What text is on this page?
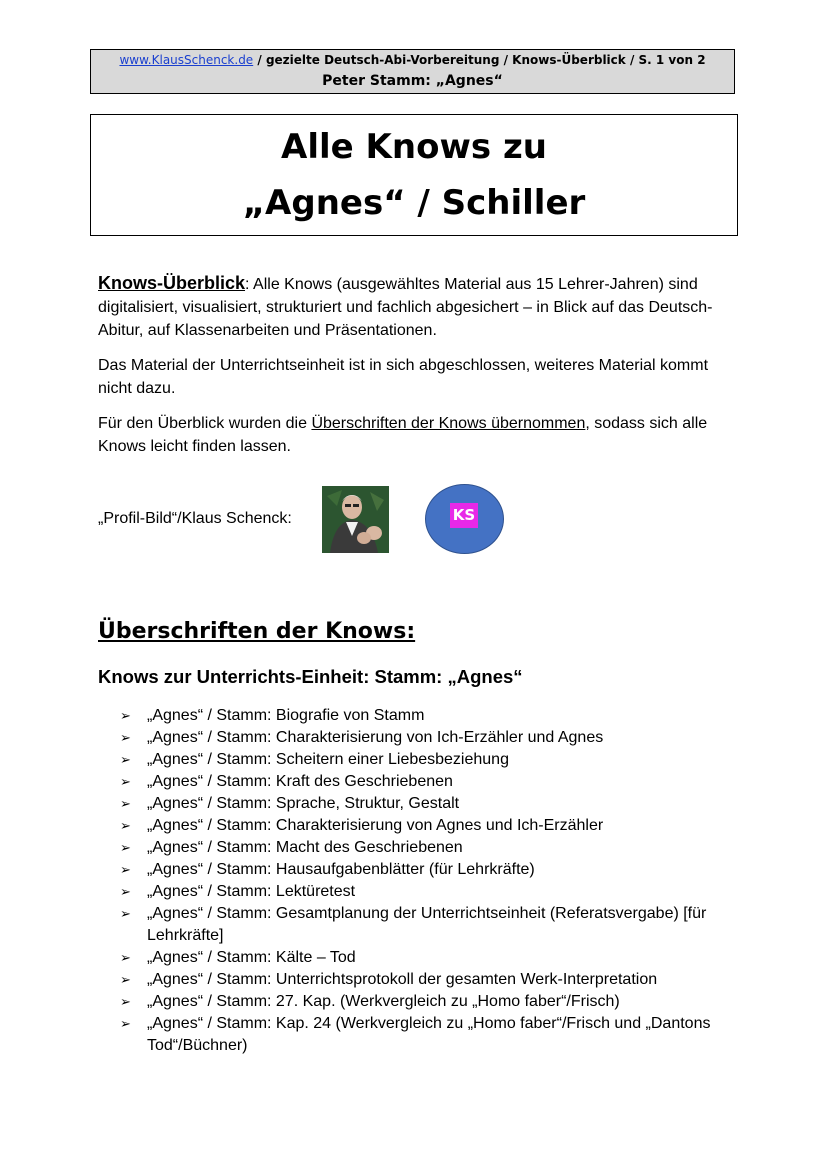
www.KlausSchenck.de / gezielte Deutsch-Abi-Vorbereitung / Knows-Überblick / S. 1 von 2
Peter Stamm: „Agnes“
Alle Knows zu
„Agnes“ / Schiller

Knows-Überblick: Alle Knows (ausgewähltes Material aus 15 Lehrer-Jahren) sind digitalisiert, visualisiert, strukturiert und fachlich abgesichert – in Blick auf das Deutsch-Abitur, auf Klassenarbeiten und Präsentationen.

Das Material der Unterrichtseinheit ist in sich abgeschlossen, weiteres Material kommt nicht dazu.

Für den Überblick wurden die Überschriften der Knows übernommen, sodass sich alle Knows leicht finden lassen.

„Profil-Bild“/Klaus Schenck:	KS
Überschriften der Knows:
Knows zur Unterrichts-Einheit: Stamm: „Agnes“
➢ „Agnes“ / Stamm: Biografie von Stamm
➢ „Agnes“ / Stamm: Charakterisierung von Ich-Erzähler und Agnes
➢ „Agnes“ / Stamm: Scheitern einer Liebesbeziehung
➢ „Agnes“ / Stamm: Kraft des Geschriebenen
➢ „Agnes“ / Stamm: Sprache, Struktur, Gestalt
➢ „Agnes“ / Stamm: Charakterisierung von Agnes und Ich-Erzähler
➢ „Agnes“ / Stamm: Macht des Geschriebenen
➢ „Agnes“ / Stamm: Hausaufgabenblätter (für Lehrkräfte)
➢ „Agnes“ / Stamm: Lektüretest
➢ „Agnes“ / Stamm: Gesamtplanung der Unterrichtseinheit (Referatsvergabe) [für Lehrkräfte]
➢ „Agnes“ / Stamm: Kälte – Tod
➢ „Agnes“ / Stamm: Unterrichtsprotokoll der gesamten Werk-Interpretation
➢ „Agnes“ / Stamm: 27. Kap. (Werkvergleich zu „Homo faber“/Frisch)
➢ „Agnes“ / Stamm: Kap. 24 (Werkvergleich zu „Homo faber“/Frisch und „Dantons Tod“/Büchner)
